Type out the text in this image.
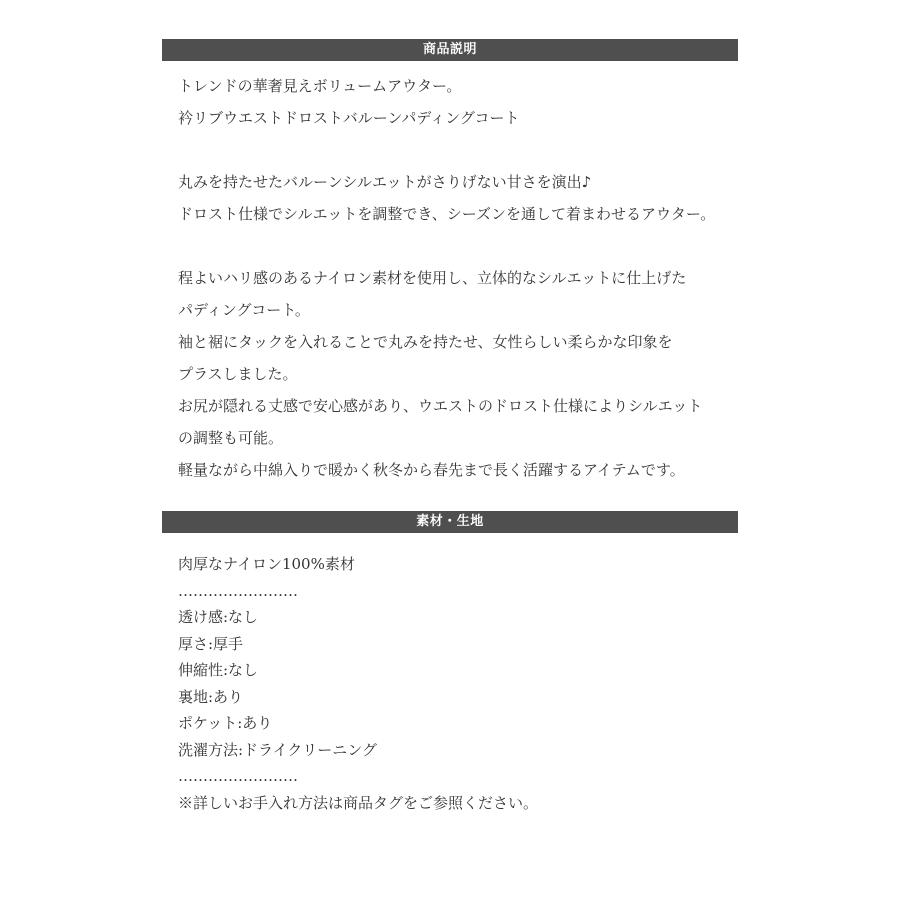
商品説明
トレンドの華奢見えボリュームアウター。
衿リブウエストドロストバルーンパディングコート
丸みを持たせたバルーンシルエットがさりげない甘さを演出♪
ドロスト仕様でシルエットを調整でき、シーズンを通して着まわせるアウター。
程よいハリ感のあるナイロン素材を使用し、立体的なシルエットに仕上げた
パディングコート。
袖と裾にタックを入れることで丸みを持たせ、女性らしい柔らかな印象を
プラスしました。
お尻が隠れる丈感で安心感があり、ウエストのドロスト仕様によりシルエット
の調整も可能。
軽量ながら中綿入りで暖かく秋冬から春先まで長く活躍するアイテムです。
素材・生地
肉厚なナイロン100%素材
……………………
透け感:なし
厚さ:厚手
伸縮性:なし
裏地:あり
ポケット:あり
洗濯方法:ドライクリーニング
……………………
※詳しいお手入れ方法は商品タグをご参照ください。
